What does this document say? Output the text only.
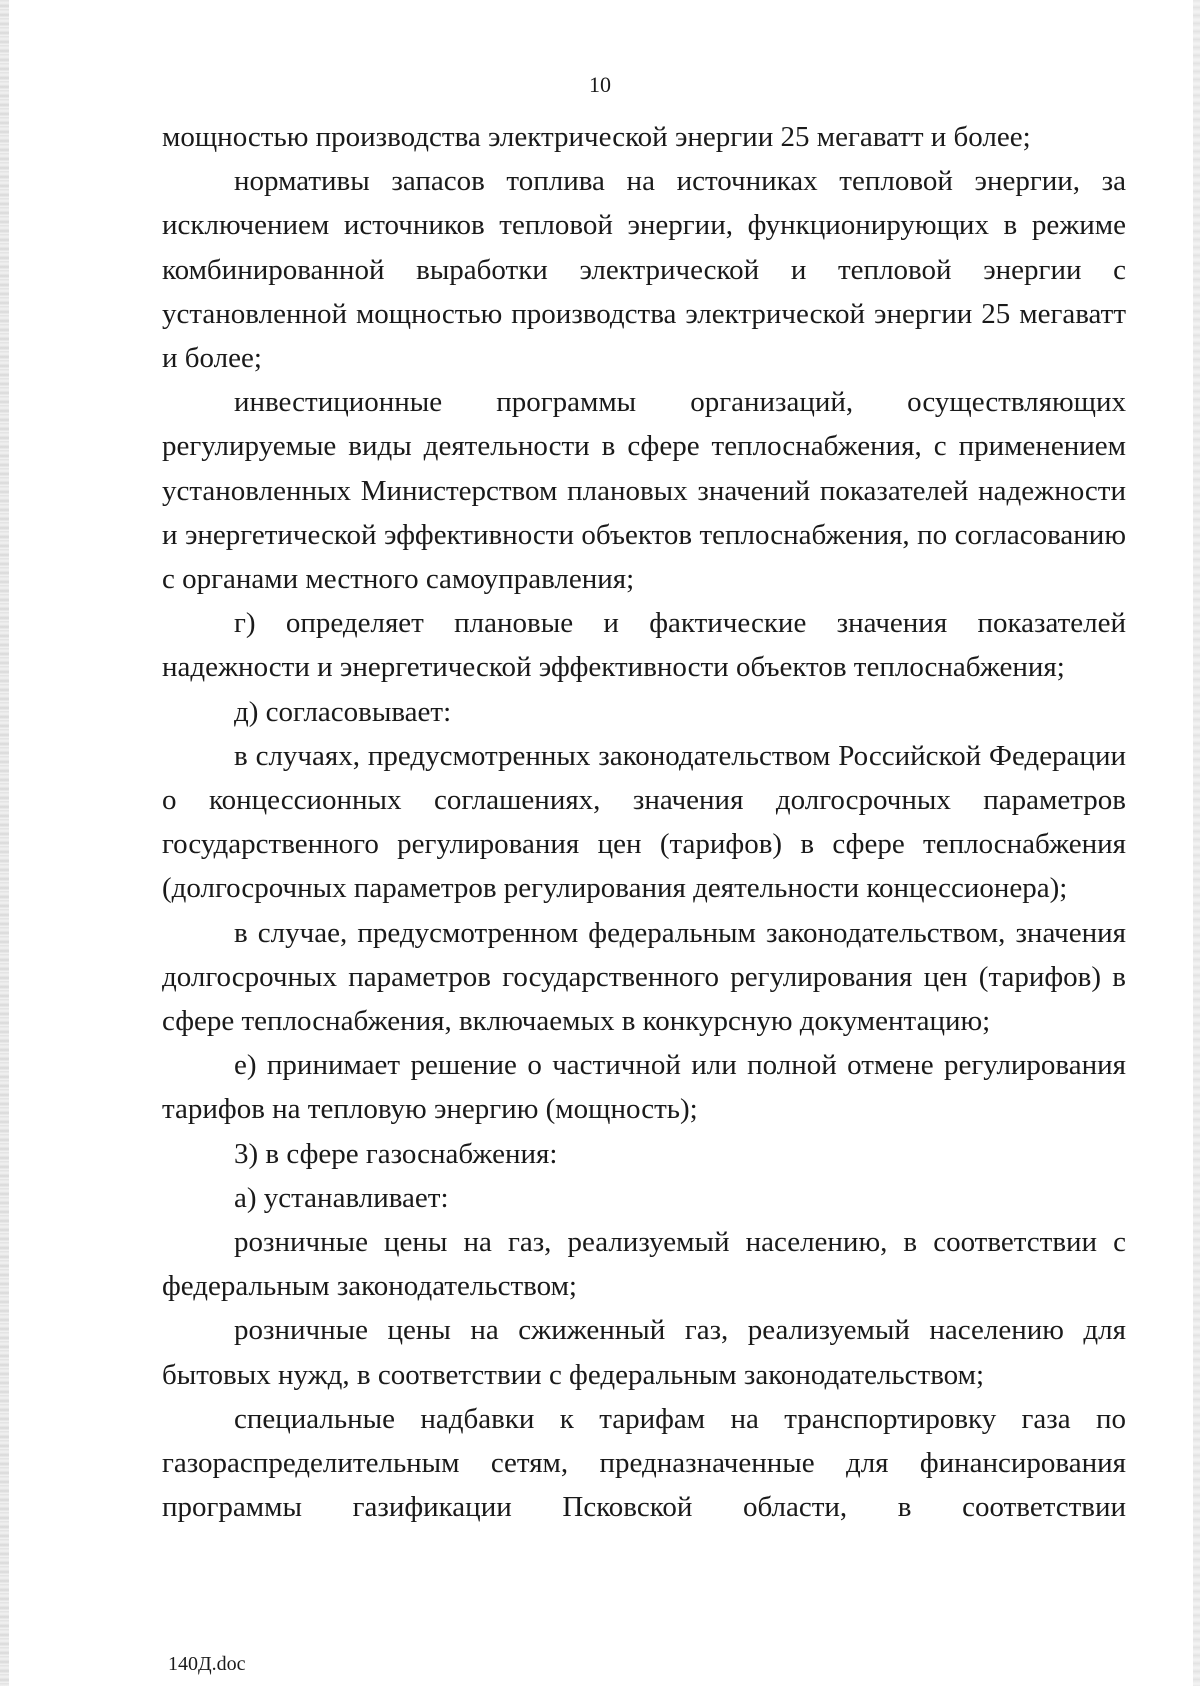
10

мощностью производства электрической энергии 25 мегаватт и более;

нормативы запасов топлива на источниках тепловой энергии, за исключением источников тепловой энергии, функционирующих в режиме комбинированной выработки электрической и тепловой энергии с установленной мощностью производства электрической энергии 25 мегаватт и более;

инвестиционные программы организаций, осуществляющих регулируемые виды деятельности в сфере теплоснабжения, с применением установленных Министерством плановых значений показателей надежности и энергетической эффективности объектов теплоснабжения, по согласованию с органами местного самоуправления;

г) определяет плановые и фактические значения показателей надежности и энергетической эффективности объектов теплоснабжения;

д) согласовывает:

в случаях, предусмотренных законодательством Российской Федерации о концессионных соглашениях, значения долгосрочных параметров государственного регулирования цен (тарифов) в сфере теплоснабжения (долгосрочных параметров регулирования деятельности концессионера);

в случае, предусмотренном федеральным законодательством, значения долгосрочных параметров государственного регулирования цен (тарифов) в сфере теплоснабжения, включаемых в конкурсную документацию;

е) принимает решение о частичной или полной отмене регулирования тарифов на тепловую энергию (мощность);

3) в сфере газоснабжения:

а) устанавливает:

розничные цены на газ, реализуемый населению, в соответствии с федеральным законодательством;

розничные цены на сжиженный газ, реализуемый населению для бытовых нужд, в соответствии с федеральным законодательством;

специальные надбавки к тарифам на транспортировку газа по газораспределительным сетям, предназначенные для финансирования программы газификации Псковской области, в соответствии

140Д.doc
